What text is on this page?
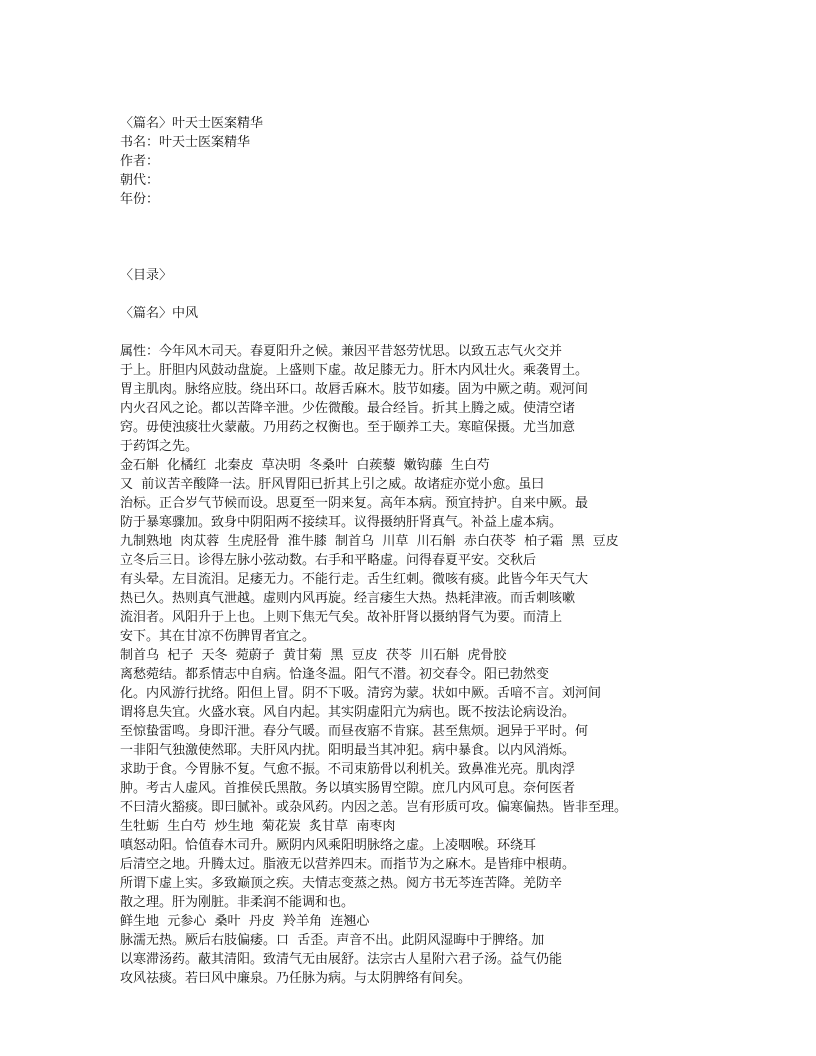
〈篇名〉叶天士医案精华
书名：叶天士医案精华
作者：
朝代：
年份：
〈目录〉
〈篇名〉中风
属性：今年风木司天。春夏阳升之候。兼因平昔怒劳忧思。以致五志气火交并
于上。肝胆内风鼓动盘旋。上盛则下虚。故足膝无力。肝木内风壮火。乘袭胃土。
胃主肌肉。脉络应肢。绕出环口。故唇舌麻木。肢节如痿。固为中厥之萌。观河间
内火召风之论。都以苦降辛泄。少佐微酸。最合经旨。折其上腾之威。使清空诸
窍。毋使浊痰壮火蒙蔽。乃用药之权衡也。至于颐养工夫。寒暄保摄。尤当加意
于药饵之先。
金石斛  化橘红  北秦皮  草决明  冬桑叶  白蒺藜  嫩钩藤  生白芍
又  前议苦辛酸降一法。肝风胃阳已折其上引之威。故诸症亦觉小愈。虽曰
治标。正合岁气节候而设。思夏至一阴来复。高年本病。预宜持护。自来中厥。最
防于暴寒骤加。致身中阴阳两不接续耳。议得摄纳肝肾真气。补益上虚本病。
九制熟地  肉苁蓉  生虎胫骨  淮牛膝  制首乌  川草  川石斛  赤白茯苓  柏子霜  黑  豆皮
立冬后三日。诊得左脉小弦动数。右手和平略虚。问得春夏平安。交秋后
有头晕。左目流泪。足痿无力。不能行走。舌生红刺。微咳有痰。此皆今年天气大
热已久。热则真气泄越。虚则内风再旋。经言痿生大热。热耗津液。而舌刺咳嗽
流泪者。风阳升于上也。上则下焦无气矣。故补肝肾以摄纳肾气为要。而清上
安下。其在甘凉不伤脾胃者宜之。
制首乌  杞子  天冬  菀蔚子  黄甘菊  黑  豆皮  茯苓  川石斛  虎骨胶
离愁菀结。都系情志中自病。恰逢冬温。阳气不潜。初交春令。阳已勃然变
化。内风游行扰络。阳但上冒。阴不下吸。清窍为蒙。状如中厥。舌喑不言。刘河间
谓将息失宜。火盛水衰。风自内起。其实阴虚阳亢为病也。既不按法论病设治。
至惊蛰雷鸣。身即汗泄。春分气暖。而昼夜寤不肯寐。甚至焦烦。迥异于平时。何
一非阳气独激使然耶。夫肝风内扰。阳明最当其冲犯。病中暴食。以内风消烁。
求助于食。今胃脉不复。气愈不振。不司束筋骨以利机关。致鼻准光亮。肌肉浮
肿。考古人虚风。首推侯氏黑散。务以填实肠胃空隙。庶几内风可息。奈何医者
不曰清火豁痰。即曰腻补。或杂风药。内因之恙。岂有形质可攻。偏寒偏热。皆非至理。
生牡蛎  生白芍  炒生地  菊花炭  炙甘草  南枣肉
嗔怒动阳。恰值春木司升。厥阴内风乘阳明脉络之虚。上凌咽喉。环绕耳
后清空之地。升腾太过。脂液无以营养四末。而指节为之麻木。是皆痱中根萌。
所谓下虚上实。多致巅顶之疾。夫情志变蒸之热。阅方书无芩连苦降。羌防辛
散之理。肝为刚脏。非柔润不能调和也。
鲜生地  元参心  桑叶  丹皮  羚羊角  连翘心
脉濡无热。厥后右肢偏痿。口  舌歪。声音不出。此阴风湿晦中于脾络。加
以寒滞汤药。蔽其清阳。致清气无由展舒。法宗古人星附六君子汤。益气仍能
攻风祛痰。若曰风中廉泉。乃任脉为病。与太阴脾络有间矣。
